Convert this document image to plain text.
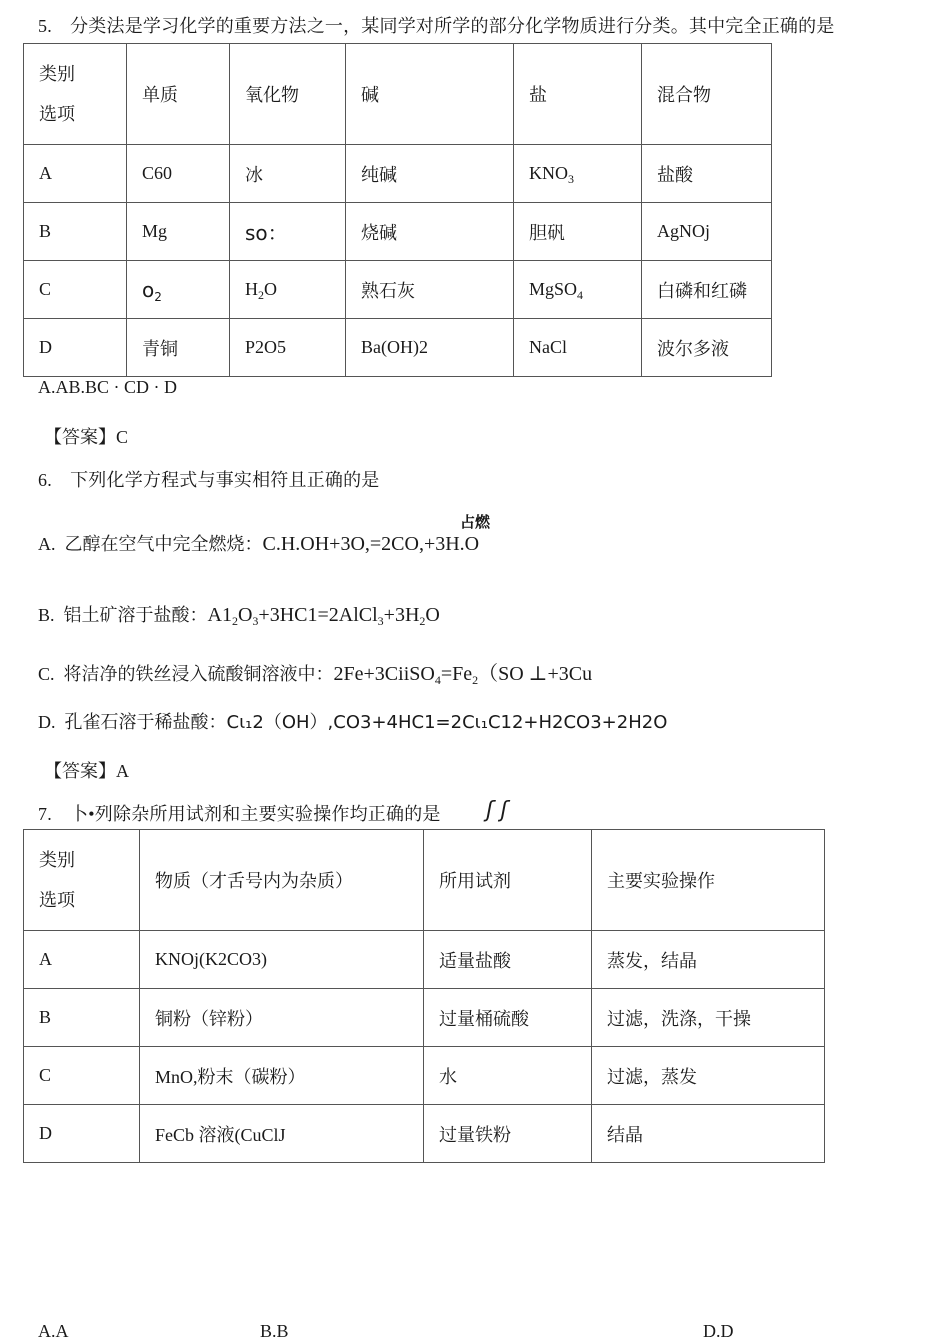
5. 分类法是学习化学的重要方法之一，某同学对所学的部分化学物质进行分类。其中完全正确的是
类别
选项	单质	氧化物	碱	盐	混合物
A	C60	冰	纯碱	$KNO_3$	盐酸
B	Mg	so：	烧碱	胆矾	AgNOj
C	$o_2$	$H_2O$	熟石灰	MgSO$_4$	白磷和红磷
D	青铜	P2O5	Ba(OH)2	NaCl	波尔多液
A.AB.BC · CD · D
【答案】C
6. 下列化学方程式与事实相符且正确的是
占燃
A. 乙醇在空气中完全燃烧：C.H.OH+3O,=2CO,+3H.O
B. 铝土矿溶于盐酸：$A1_2O_3+3HC1=2AlCl_3+3H_2O$
C. 将洁净的铁丝浸入硫酸铜溶液中：$2Fe+3CiiSO_4=Fe_2(SO$ ⊥+3Cu
D. 孔雀石溶于稀盐酸：Cι₁2（OH）,CO3+4HC1=2Cι₁C12+H2CO3+2H2O
【答案】A
7. 卜•列除杂所用试剂和主要实验操作均正确的是 ʃ ʃ
类别
选项	物质（才舌号内为杂质）	所用试剂	主要实验操作
A	KNOj(K2CO3)	适量盐酸	蒸发，结晶
B	铜粉（锌粉）	过量桶硫酸	过滤，洗涤，干操
C	MnO,粉末（碳粉）	水	过滤，蒸发
D	FeCb 溶液(CuClJ	过量铁粉	结晶
A.A	B.B	D.D
